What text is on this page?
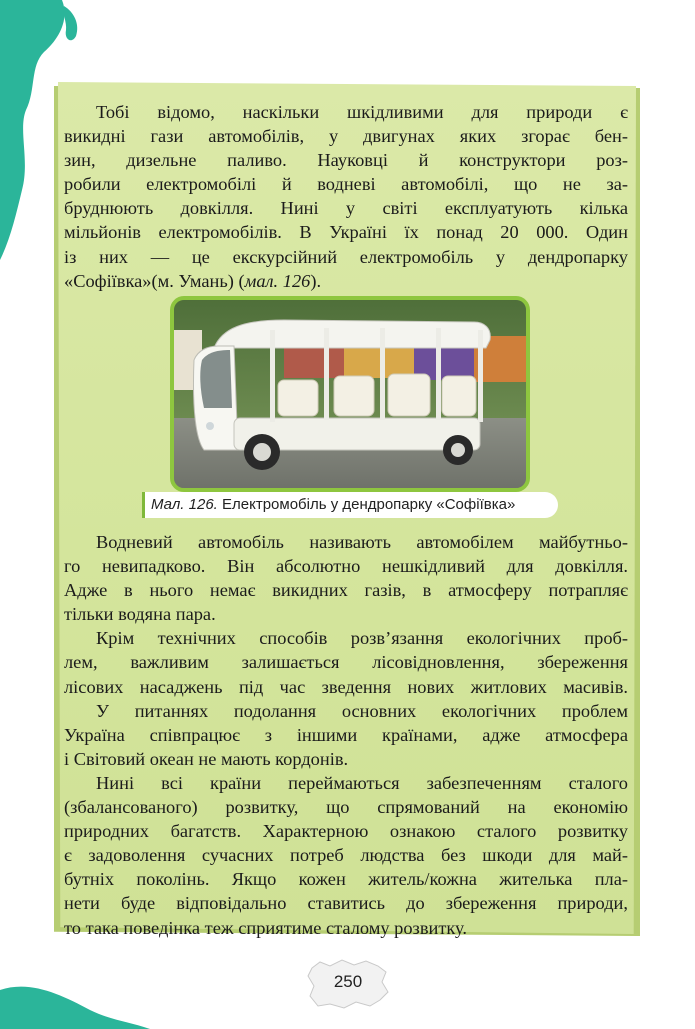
Тобі відомо, наскільки шкідливими для природи є
викидні гази автомобілів, у двигунах яких згорає бен-
зин, дизельне паливо. Науковці й конструктори роз-
робили електромобілі й водневі автомобілі, що не за-
бруднюють довкілля. Нині у світі експлуатують кілька
мільйонів електромобілів. В Україні їх понад 20 000. Один
із них — це екскурсійний електромобіль у дендропарку
«Софіївка»(м. Умань) (мал. 126).
Мал. 126. Електромобіль у дендропарку «Софіївка»
Водневий автомобіль називають автомобілем майбутньо-
го невипадково. Він абсолютно нешкідливий для довкілля.
Адже в нього немає викидних газів, в атмосферу потрапляє
тільки водяна пара.
Крім технічних способів розв’язання екологічних проб-
лем, важливим залишається лісовідновлення, збереження
лісових насаджень під час зведення нових житлових масивів.
У питаннях подолання основних екологічних проблем
Україна співпрацює з іншими країнами, адже атмосфера
і Світовий океан не мають кордонів.
Нині всі країни переймаються забезпеченням сталого
(збалансованого) розвитку, що спрямований на економію
природних багатств. Характерною ознакою сталого розвитку
є задоволення сучасних потреб людства без шкоди для май-
бутніх поколінь. Якщо кожен житель/кожна жителька пла-
нети буде відповідально ставитись до збереження природи,
то така поведінка теж сприятиме сталому розвитку.
250
